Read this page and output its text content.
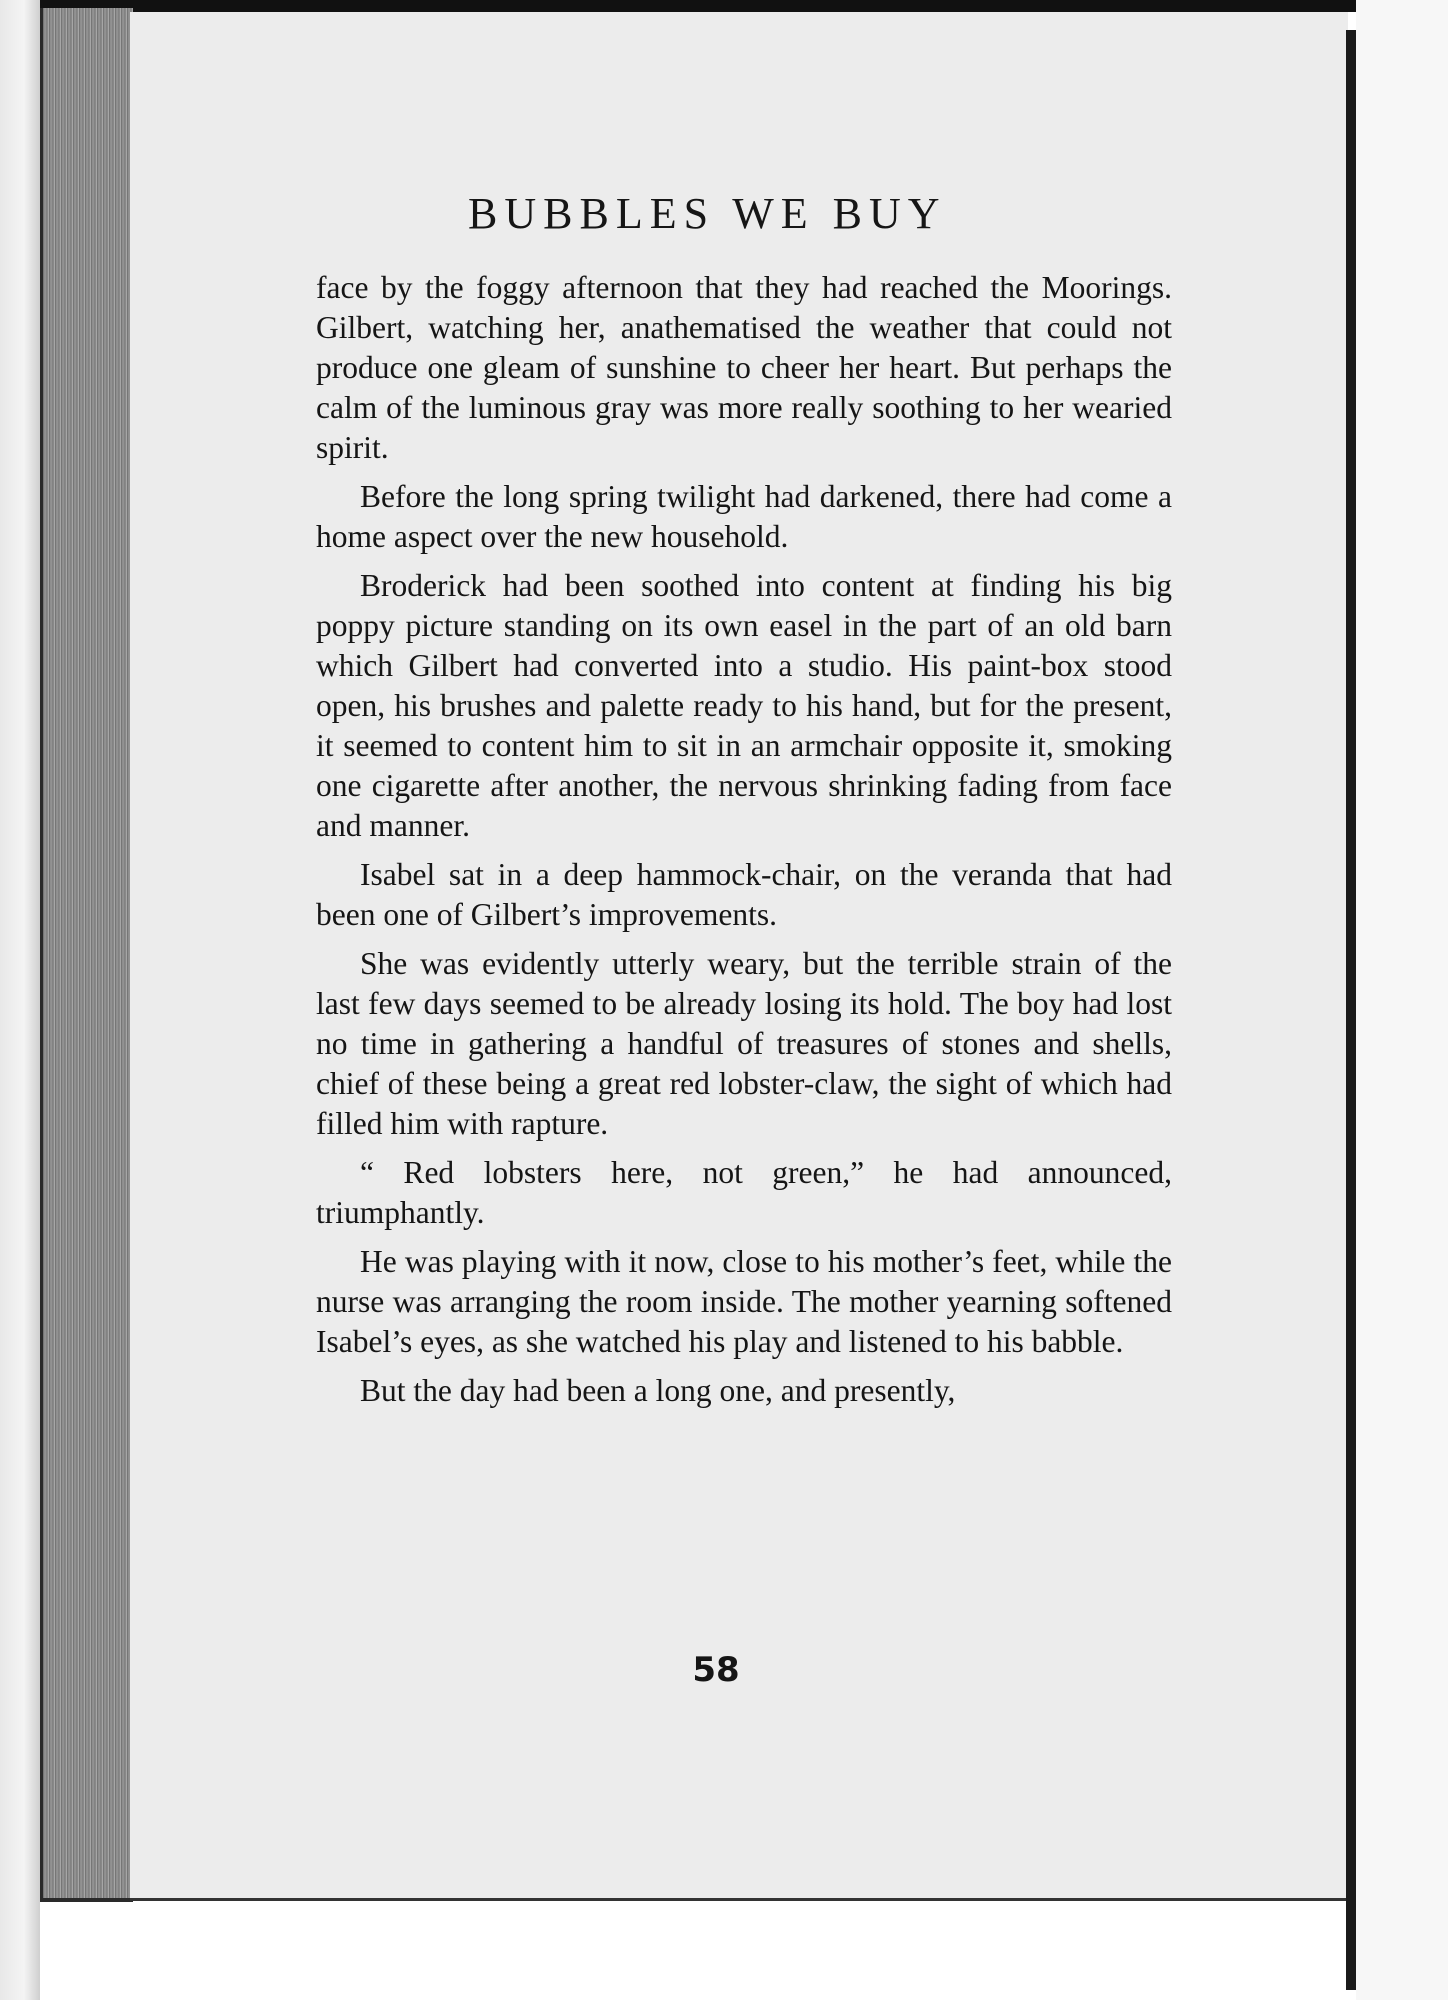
BUBBLES WE BUY

face by the foggy afternoon that they had reached the Moorings. Gilbert, watching her, anathematised the weather that could not produce one gleam of sunshine to cheer her heart. But perhaps the calm of the luminous gray was more really soothing to her wearied spirit.

Before the long spring twilight had darkened, there had come a home aspect over the new household.

Broderick had been soothed into content at finding his big poppy picture standing on its own easel in the part of an old barn which Gilbert had converted into a studio. His paint-box stood open, his brushes and palette ready to his hand, but for the present, it seemed to content him to sit in an armchair opposite it, smoking one cigarette after another, the nervous shrinking fading from face and manner.

Isabel sat in a deep hammock-chair, on the veranda that had been one of Gilbert’s improvements.

She was evidently utterly weary, but the terrible strain of the last few days seemed to be already losing its hold. The boy had lost no time in gathering a handful of treasures of stones and shells, chief of these being a great red lobster-claw, the sight of which had filled him with rapture.

“ Red lobsters here, not green,” he had announced, triumphantly.

He was playing with it now, close to his mother’s feet, while the nurse was arranging the room inside. The mother yearning softened Isabel’s eyes, as she watched his play and listened to his babble.

But the day had been a long one, and presently,

58
